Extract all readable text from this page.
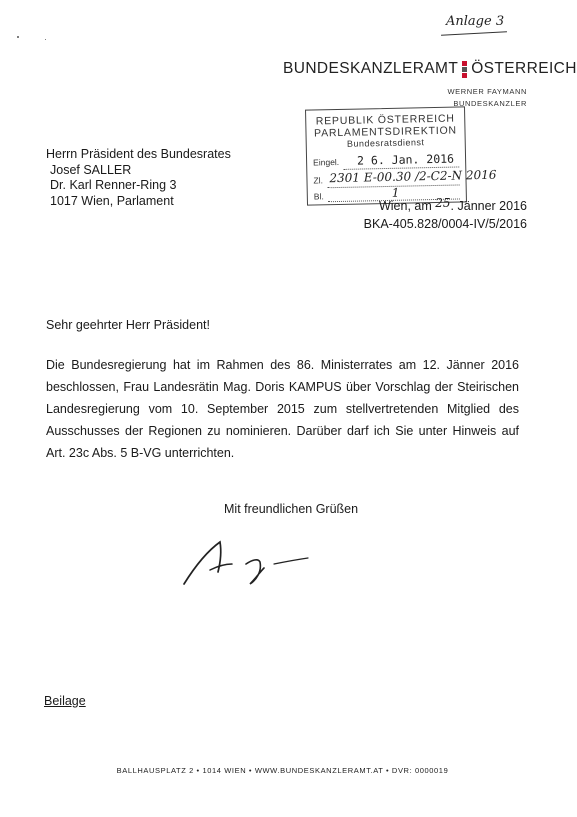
Anlage 3
BUNDESKANZLERAMT ÖSTERREICH
WERNER FAYMANN
BUNDESKANZLER
REPUBLIK ÖSTERREICH
PARLAMENTSDIREKTION
Bundesratsdienst
Eingel. 2 6. Jan. 2016
Zl. 2301 E-00.30 /2-C2-N 2016
Bl.	1
Herrn Präsident des Bundesrates
Josef SALLER
Dr. Karl Renner-Ring 3
1017 Wien, Parlament	Wien, am 25. Jänner 2016
BKA-405.828/0004-IV/5/2016
Sehr geehrter Herr Präsident!
Die Bundesregierung hat im Rahmen des 86. Ministerrates am 12. Jänner 2016 beschlossen, Frau Landesrätin Mag. Doris KAMPUS über Vorschlag der Steirischen Landesregierung vom 10. September 2015 zum stellvertretenden Mitglied des Ausschusses der Regionen zu nominieren. Darüber darf ich Sie unter Hinweis auf Art. 23c Abs. 5 B-VG unterrichten.
Mit freundlichen Grüßen
Beilage
BALLHAUSPLATZ 2 • 1014 WIEN • WWW.BUNDESKANZLERAMT.AT • DVR: 0000019
